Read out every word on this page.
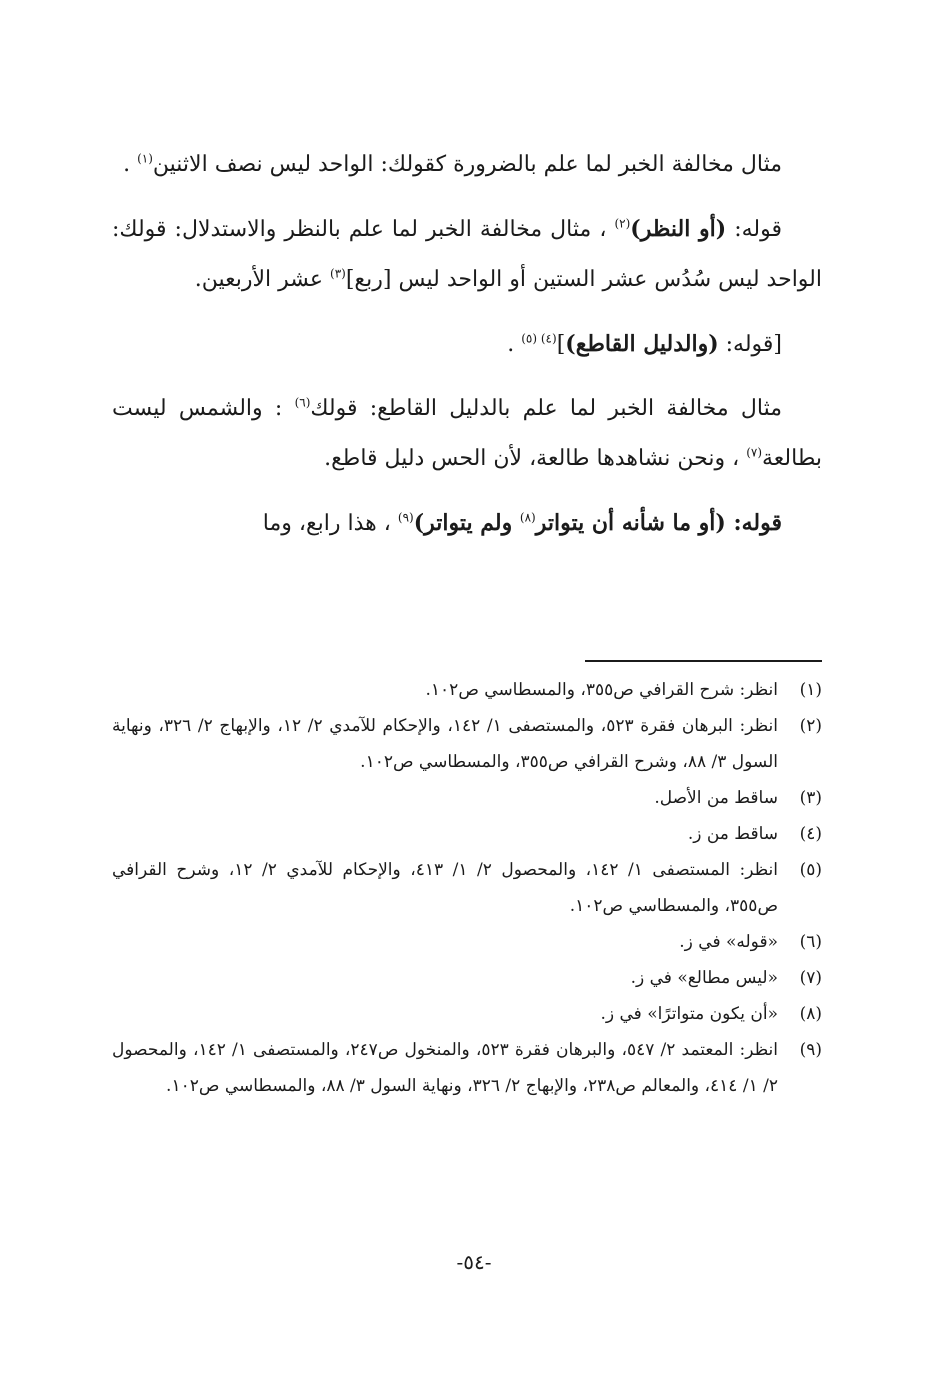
مثال مخالفة الخبر لما علم بالضرورة كقولك: الواحد ليس نصف الاثنين$^{(١)}$ .

قوله: (أو النظر)$^{(٢)}$ ، مثال مخالفة الخبر لما علم بالنظر والاستدلال: قولك: الواحد ليس سُدُس عشر الستين أو الواحد ليس [ربع]$^{(٣)}$ عشر الأربعين.

[قوله: (والدليل القاطع)]$^{(٤) (٥)}$ .

مثال مخالفة الخبر لما علم بالدليل القاطع: قولك$^{(٦)}$ : والشمس ليست بطالعة$^{(٧)}$ ، ونحن نشاهدها طالعة، لأن الحس دليل قاطع.

قوله: (أو ما شأنه أن يتواتر$^{(٨)}$ ولم يتواتر)$^{(٩)}$ ، هذا رابع، وما

(١)
انظر: شرح القرافي ص٣٥٥، والمسطاسي ص١٠٢.
(٢)
انظر: البرهان فقرة ٥٢٣، والمستصفى ١/ ١٤٢، والإحكام للآمدي ٢/ ١٢، والإبهاج ٢/ ٣٢٦، ونهاية السول ٣/ ٨٨، وشرح القرافي ص٣٥٥، والمسطاسي ص١٠٢.
(٣)
ساقط من الأصل.
(٤)
ساقط من ز.
(٥)
انظر: المستصفى ١/ ١٤٢، والمحصول ٢/ ١/ ٤١٣، والإحكام للآمدي ٢/ ١٢، وشرح القرافي ص٣٥٥، والمسطاسي ص١٠٢.
(٦)
«قوله» في ز.
(٧)
«ليس مطالع» في ز.
(٨)
«أن يكون متواترًا» في ز.
(٩)
انظر: المعتمد ٢/ ٥٤٧، والبرهان فقرة ٥٢٣، والمنخول ص٢٤٧، والمستصفى ١/ ١٤٢، والمحصول ٢/ ١/ ٤١٤، والمعالم ص٢٣٨، والإبهاج ٢/ ٣٢٦، ونهاية السول ٣/ ٨٨، والمسطاسي ص١٠٢.
-٥٤-
